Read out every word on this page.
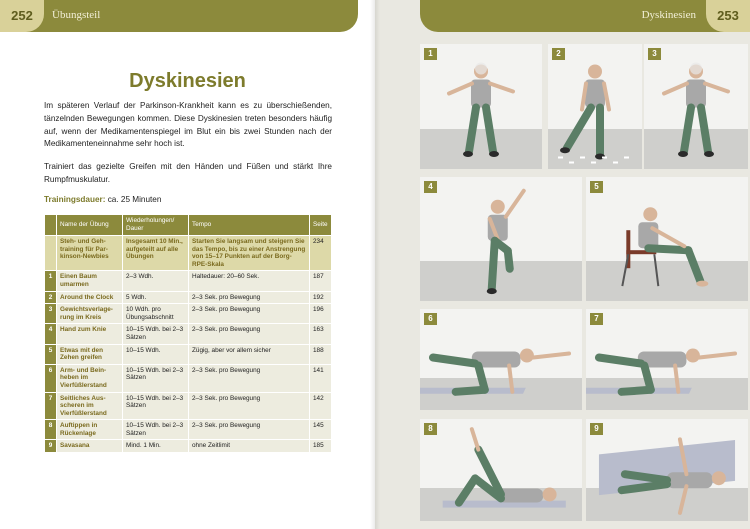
252	Übungsteil	Dyskinesien	253
Dyskinesien

Im späteren Verlauf der Parkinson-Krankheit kann es zu überschießenden, tänzelnden Bewegungen kommen. Diese Dyskinesien treten besonders häufig auf, wenn der Medikamentenspiegel im Blut ein bis zwei Stunden nach der Medikamenteneinnahme sehr hoch ist.

Trainiert das gezielte Greifen mit den Händen und Füßen und stärkt Ihre Rumpfmuskulatur.

Trainingsdauer: ca. 25 Minuten
	Name der Übung	Wiederholungen/ Dauer	Tempo	Seite
	Steh- und Geh-training für Par-kinson-Newbies	Insgesamt 10 Min., aufgeteilt auf alle Übungen	Starten Sie langsam und steigern Sie das Tempo, bis zu einer Anstrengung von 15–17 Punkten auf der Borg-RPE-Skala	234
1	Einen Baum umarmen	2–3 Wdh.	Haltedauer: 20–60 Sek.	187
2	Around the Clock	5 Wdh.	2–3 Sek. pro Bewegung	192
3	Gewichtsverlage-rung im Kreis	10 Wdh. pro Übungsabschnitt	2–3 Sek. pro Bewegung	196
4	Hand zum Knie	10–15 Wdh. bei 2–3 Sätzen	2–3 Sek. pro Bewegung	163
5	Etwas mit den Zehen greifen	10–15 Wdh.	Zügig, aber vor allem sicher	188
6	Arm- und Bein-heben im Vierfüßlerstand	10–15 Wdh. bei 2–3 Sätzen	2–3 Sek. pro Bewegung	141
7	Seitliches Aus-scheren im Vierfüßlerstand	10–15 Wdh. bei 2–3 Sätzen	2–3 Sek. pro Bewegung	142
8	Auftippen in Rückenlage	10–15 Wdh. bei 2–3 Sätzen	2–3 Sek. pro Bewegung	145
9	Savasana	Mind. 1 Min.	ohne Zeitlimit	185
1	2	3
4	5
6	7
8	9
